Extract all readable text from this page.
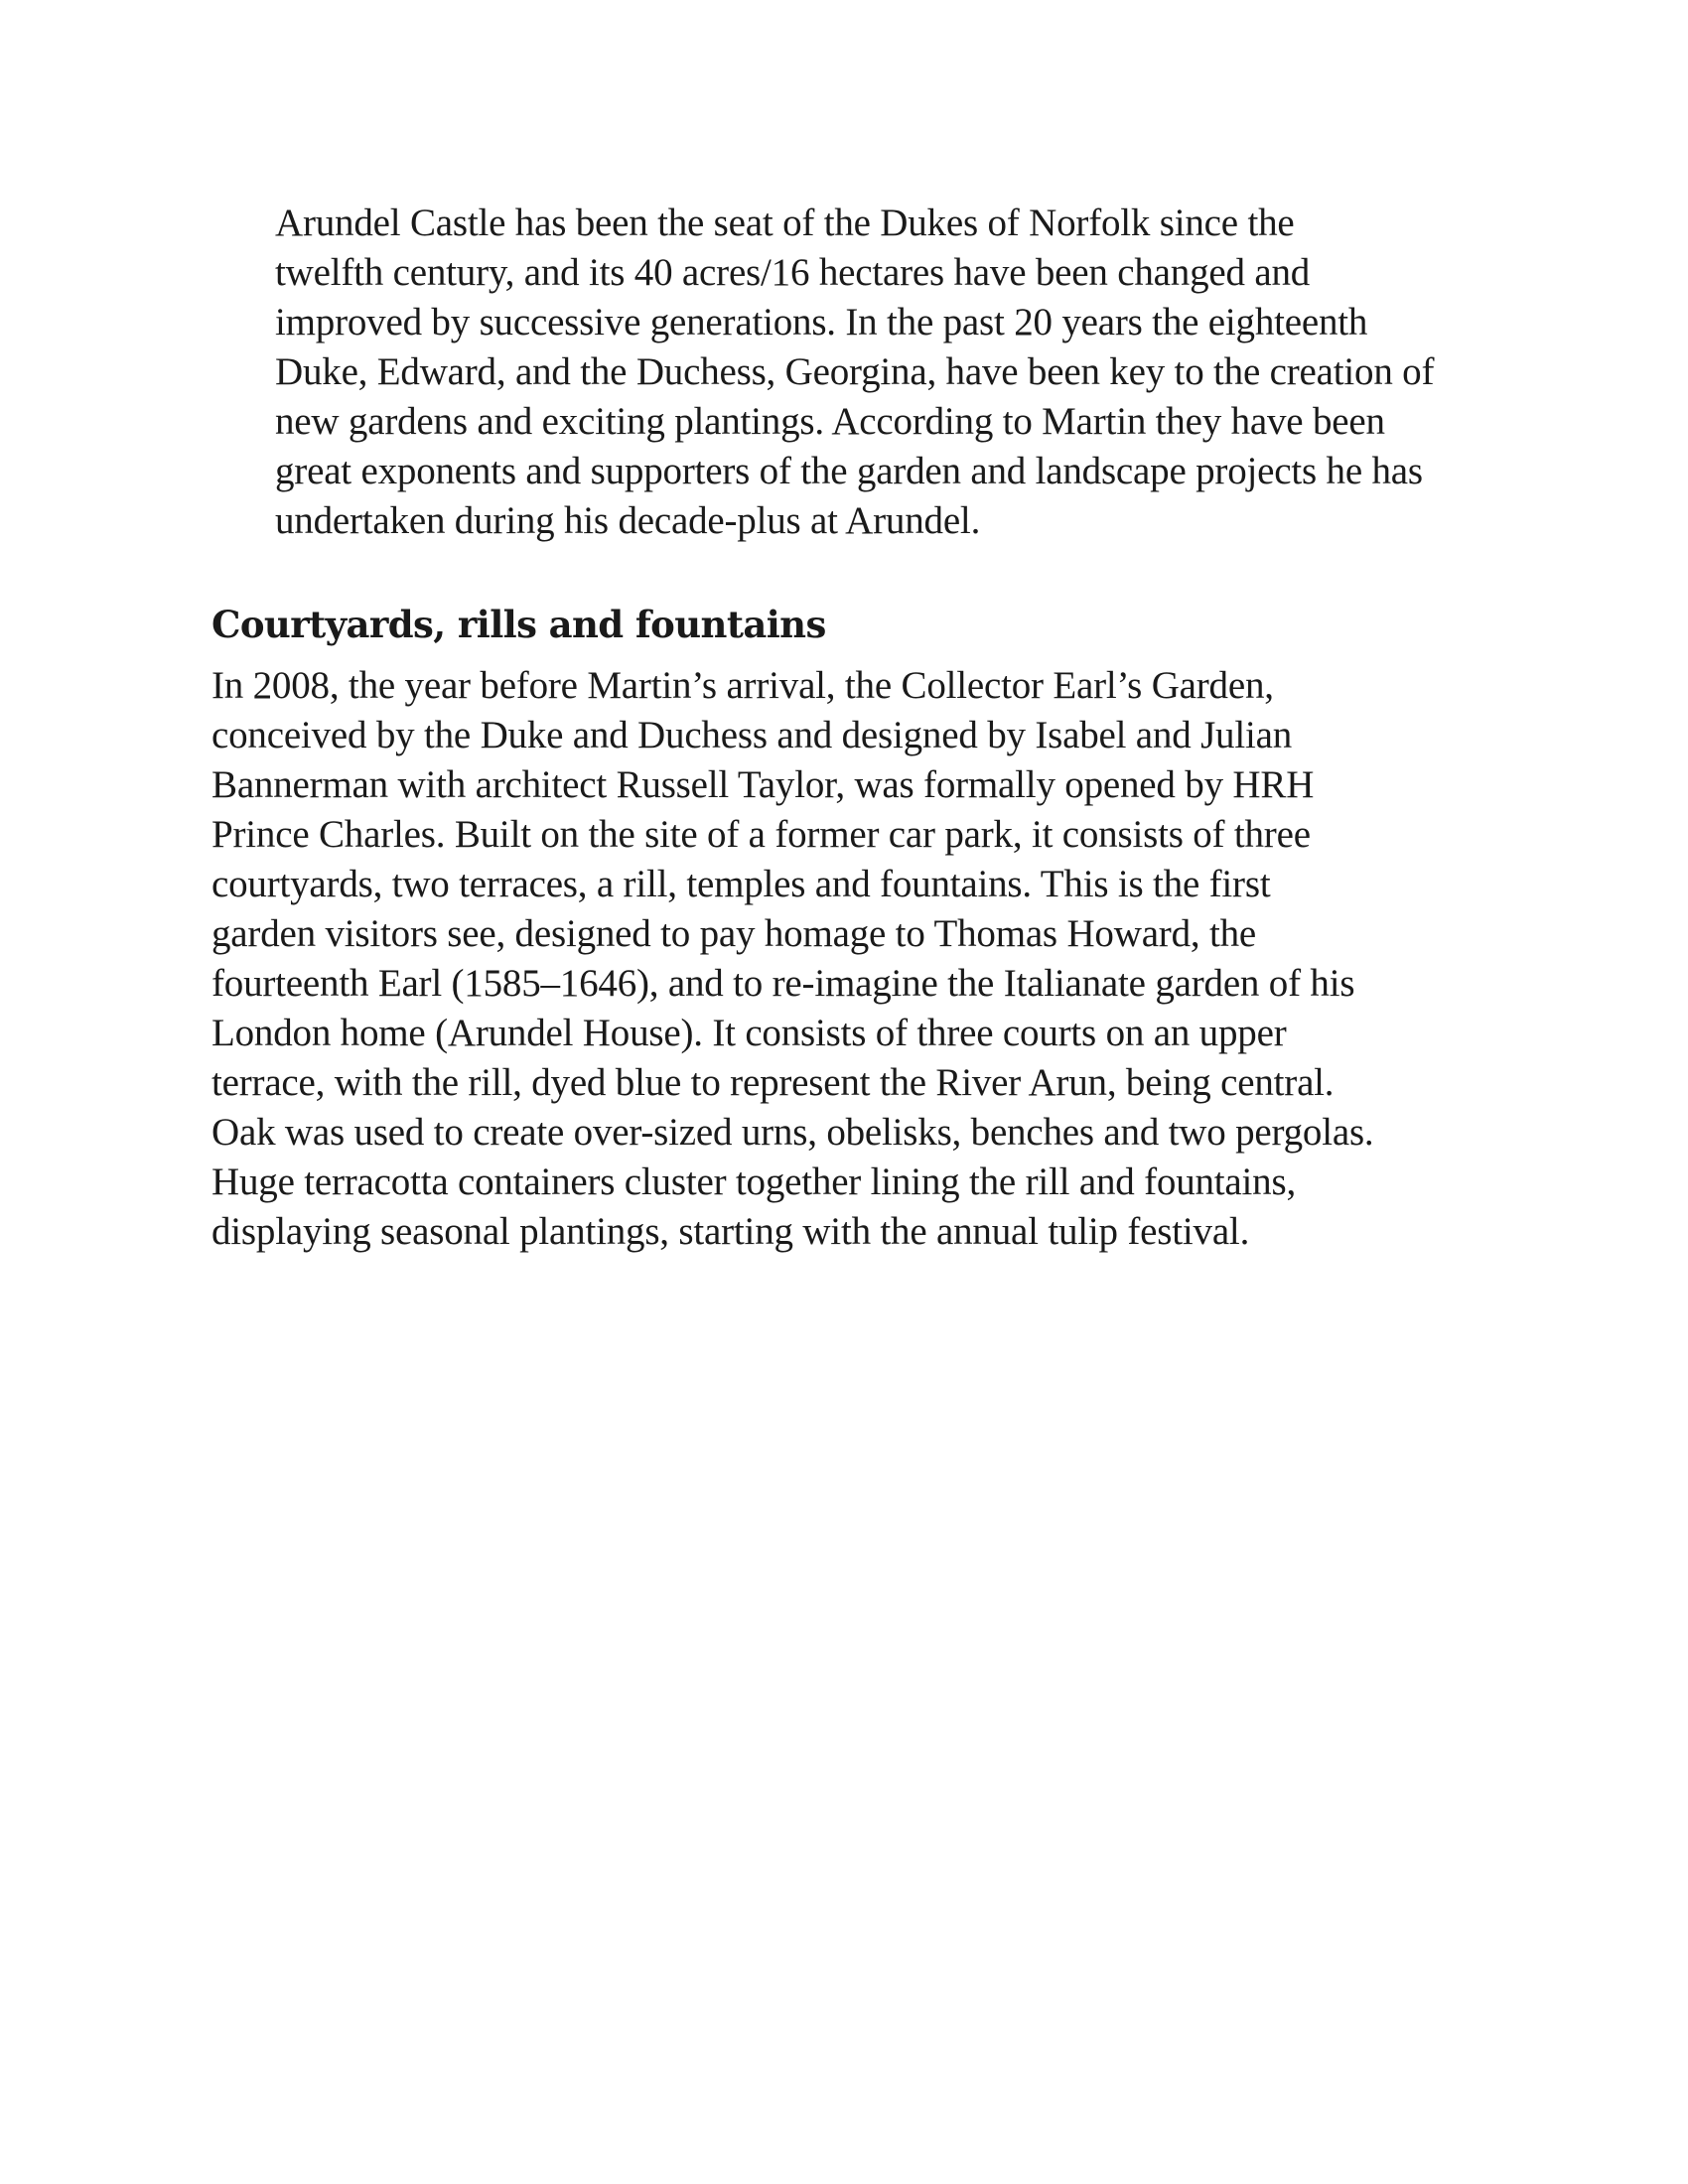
Arundel Castle has been the seat of the Dukes of Norfolk since the
twelfth century, and its 40 acres/16 hectares have been changed and
improved by successive generations. In the past 20 years the eighteenth
Duke, Edward, and the Duchess, Georgina, have been key to the creation of
new gardens and exciting plantings. According to Martin they have been
great exponents and supporters of the garden and landscape projects he has
undertaken during his decade-plus at Arundel.

Courtyards, rills and fountains

In 2008, the year before Martin’s arrival, the Collector Earl’s Garden,
conceived by the Duke and Duchess and designed by Isabel and Julian
Bannerman with architect Russell Taylor, was formally opened by HRH
Prince Charles. Built on the site of a former car park, it consists of three
courtyards, two terraces, a rill, temples and fountains. This is the first
garden visitors see, designed to pay homage to Thomas Howard, the
fourteenth Earl (1585–1646), and to re-imagine the Italianate garden of his
London home (Arundel House). It consists of three courts on an upper
terrace, with the rill, dyed blue to represent the River Arun, being central.
Oak was used to create over-sized urns, obelisks, benches and two pergolas.
Huge terracotta containers cluster together lining the rill and fountains,
displaying seasonal plantings, starting with the annual tulip festival.
